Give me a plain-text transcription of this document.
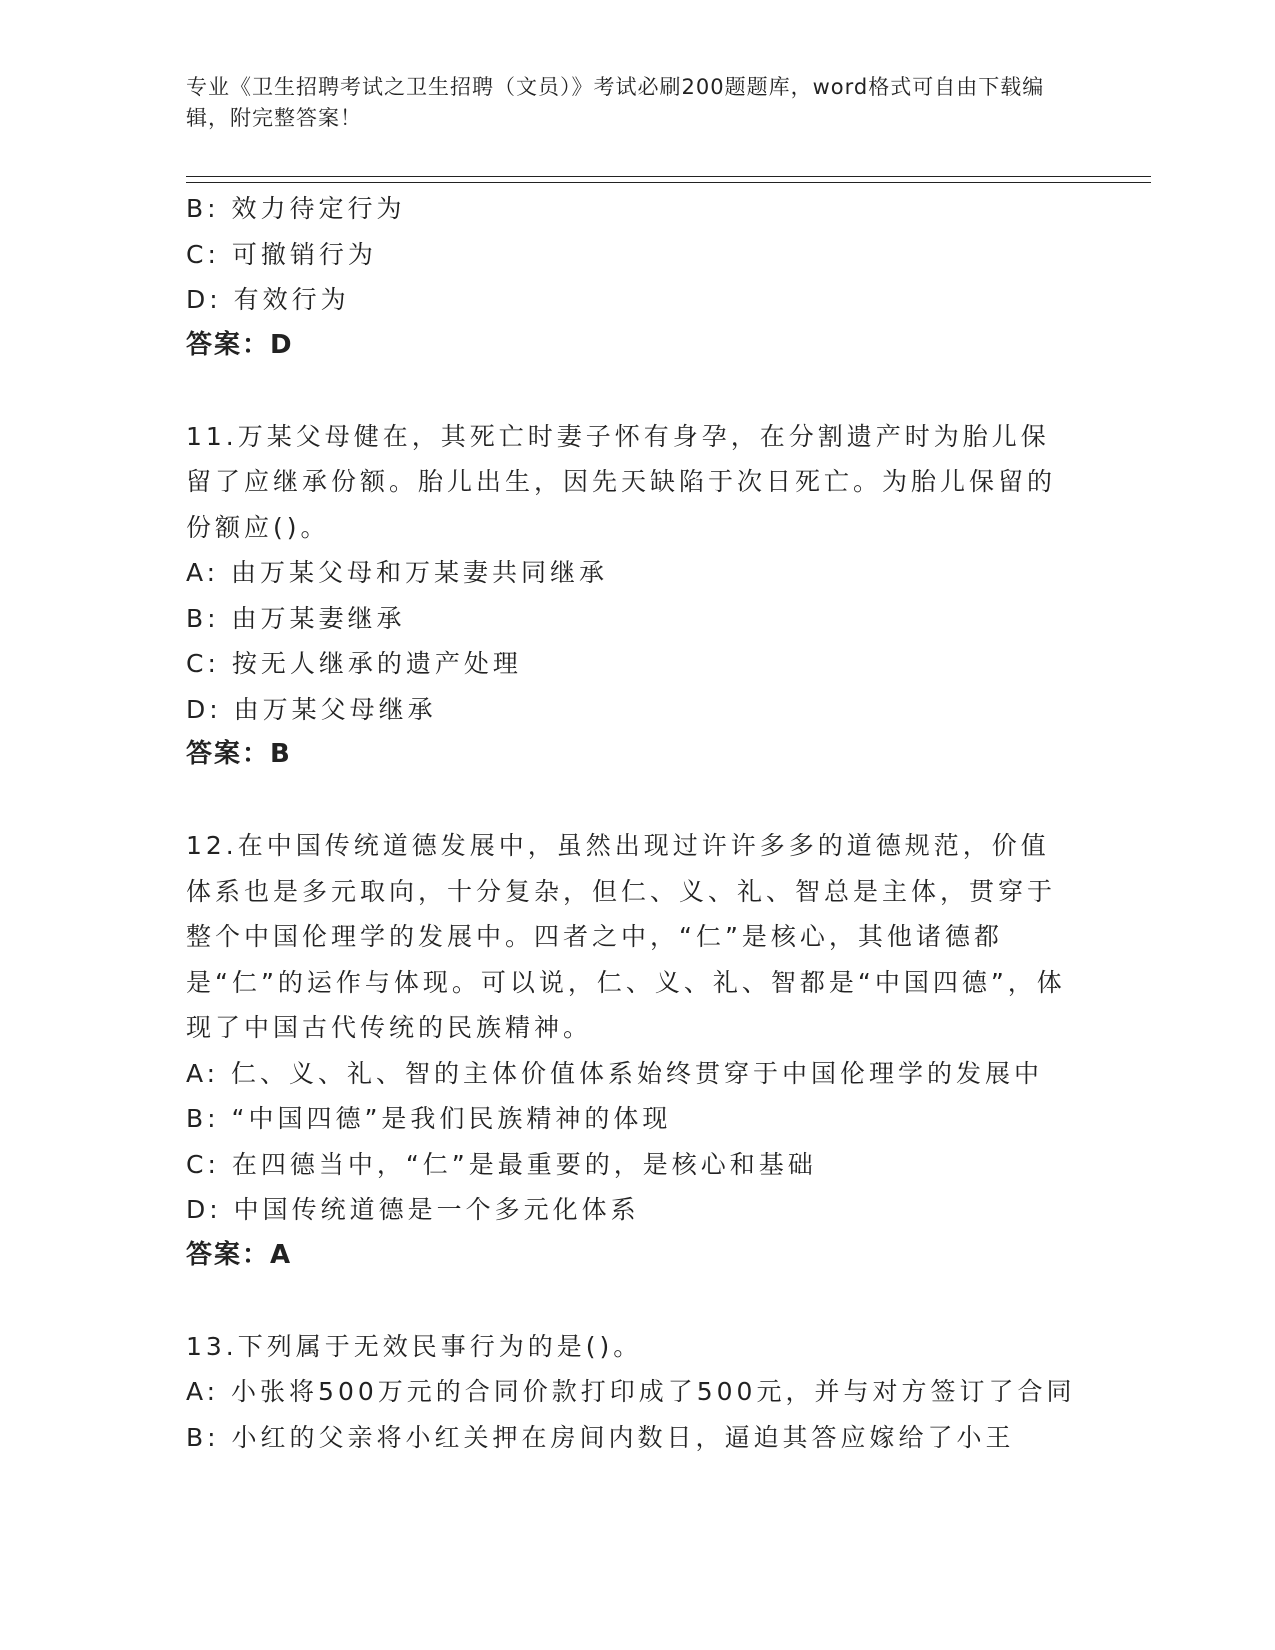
专业《卫生招聘考试之卫生招聘（文员）》考试必刷200题题库，word格式可自由下载编辑，附完整答案！
B: 效力待定行为
C: 可撤销行为
D: 有效行为
答案：D
11.万某父母健在，其死亡时妻子怀有身孕，在分割遗产时为胎儿保留了应继承份额。胎儿出生，因先天缺陷于次日死亡。为胎儿保留的份额应()。
A: 由万某父母和万某妻共同继承
B: 由万某妻继承
C: 按无人继承的遗产处理
D: 由万某父母继承
答案：B
12.在中国传统道德发展中，虽然出现过许许多多的道德规范，价值体系也是多元取向，十分复杂，但仁、义、礼、智总是主体，贯穿于整个中国伦理学的发展中。四者之中，“仁”是核心，其他诸德都是“仁”的运作与体现。可以说，仁、义、礼、智都是“中国四德”，体现了中国古代传统的民族精神。
A: 仁、义、礼、智的主体价值体系始终贯穿于中国伦理学的发展中
B: “中国四德”是我们民族精神的体现
C: 在四德当中，“仁”是最重要的，是核心和基础
D: 中国传统道德是一个多元化体系
答案：A
13.下列属于无效民事行为的是()。
A: 小张将500万元的合同价款打印成了500元，并与对方签订了合同
B: 小红的父亲将小红关押在房间内数日，逼迫其答应嫁给了小王
